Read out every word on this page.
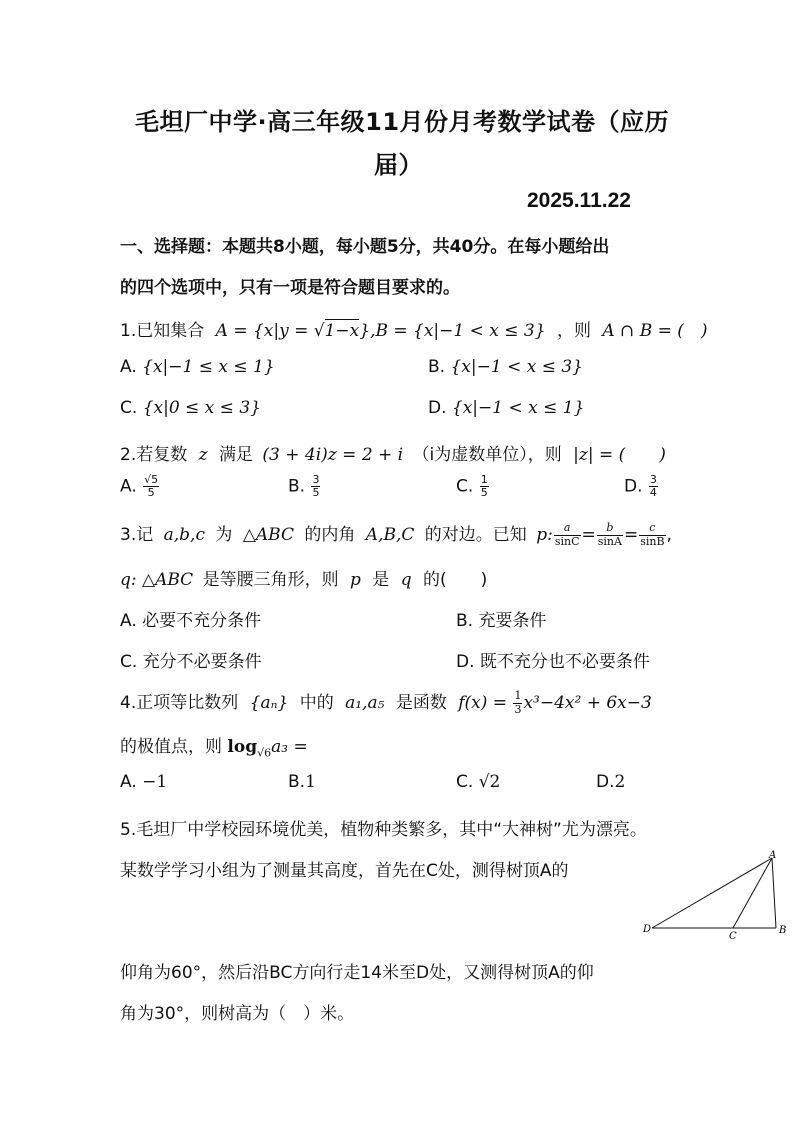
毛坦厂中学·高三年级11月份月考数学试卷（应历
届）
2025.11.22
一、选择题：本题共8小题，每小题5分，共40分。在每小题给出
的四个选项中，只有一项是符合题目要求的。
1.已知集合 A = {x|y = √1−x},B = {x|−1 < x ≤ 3} ，则 A ∩ B = (　)
A. {x|−1 ≤ x ≤ 1}	B. {x|−1 < x ≤ 3}
C. {x|0 ≤ x ≤ 3}	D. {x|−1 < x ≤ 1}
2.若复数 z 满足 (3 + 4i)z = 2 + i （i为虚数单位），则 |z| = (　　)
A. $\frac{√5}{5}$	B. $\frac{3}{5}$	C. $\frac{1}{5}$	D. $\frac{3}{4}$
3.记 a,b,c 为 △ABC 的内角 A,B,C 的对边。已知 p: $\frac{a}{\sin C} = \frac{b}{\sin A} = \frac{c}{\sin B}$ ,
q: △ABC 是等腰三角形，则 p 是 q 的(　　)
A. 必要不充分条件	B. 充要条件
C. 充分不必要条件	D. 既不充分也不必要条件
4.正项等比数列 {aₙ} 中的 a₁,a₅ 是函数 $f(x) = \frac{1}{3} x^3-4x^2 + 6x-3$
的极值点，则 $\log_{√6}a_3$ =
A. −1	B.1	C. √2	D.2
5.毛坦厂中学校园环境优美，植物种类繁多，其中“大神树”尤为漂亮。
某数学学习小组为了测量其高度，首先在C处，测得树顶A的
A
B
C
D
仰角为60°，然后沿BC方向行走14米至D处，又测得树顶A的仰
角为30°，则树高为（　）米。
